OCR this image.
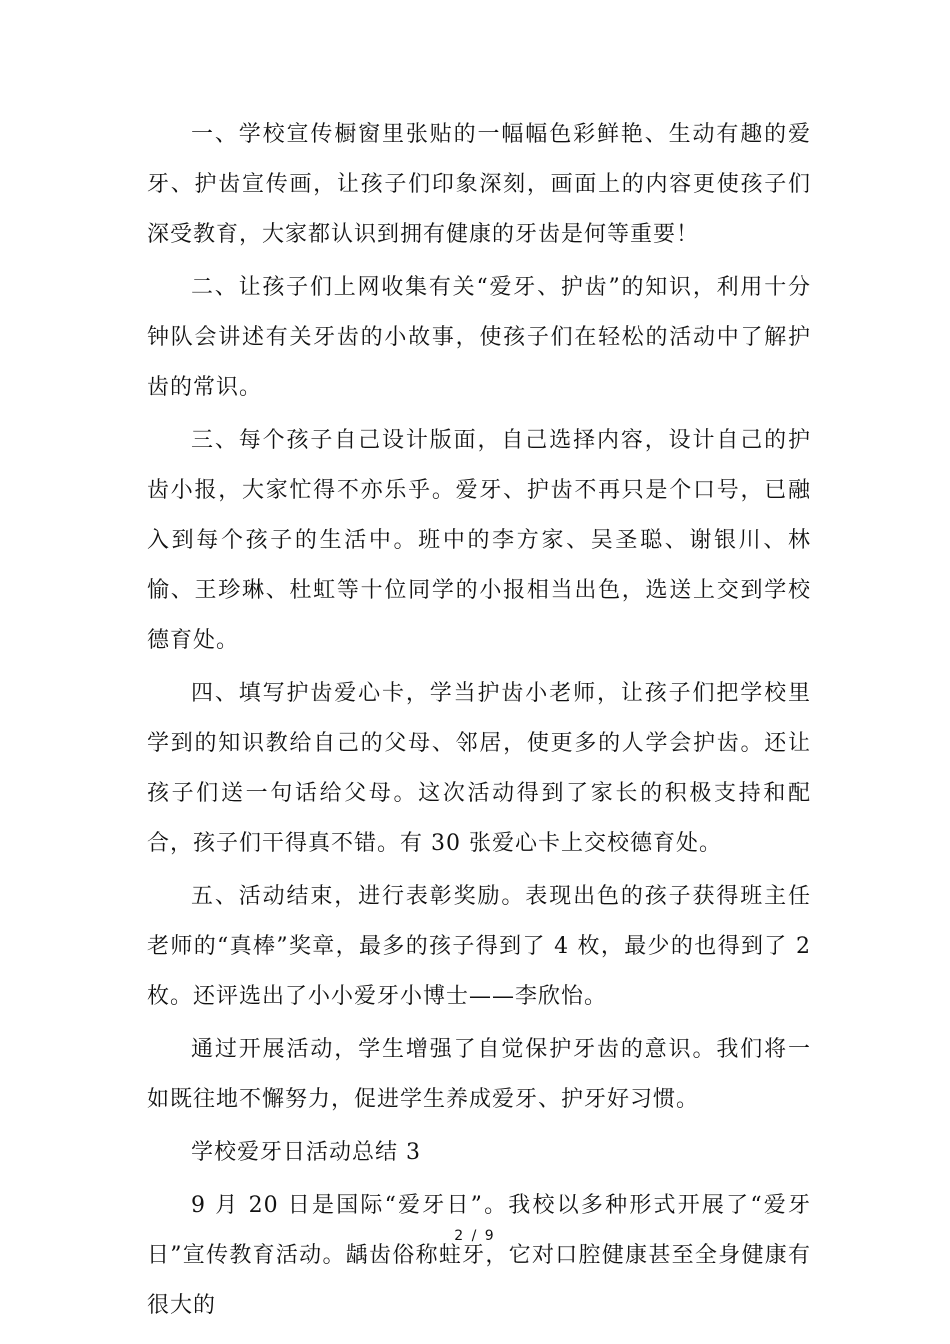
一、学校宣传橱窗里张贴的一幅幅色彩鲜艳、生动有趣的爱牙、护齿宣传画，让孩子们印象深刻，画面上的内容更使孩子们深受教育，大家都认识到拥有健康的牙齿是何等重要！

二、让孩子们上网收集有关“爱牙、护齿”的知识，利用十分钟队会讲述有关牙齿的小故事，使孩子们在轻松的活动中了解护齿的常识。

三、每个孩子自己设计版面，自己选择内容，设计自己的护齿小报，大家忙得不亦乐乎。爱牙、护齿不再只是个口号，已融入到每个孩子的生活中。班中的李方家、吴圣聪、谢银川、林愉、王珍琳、杜虹等十位同学的小报相当出色，选送上交到学校德育处。

四、填写护齿爱心卡，学当护齿小老师，让孩子们把学校里学到的知识教给自己的父母、邻居，使更多的人学会护齿。还让孩子们送一句话给父母。这次活动得到了家长的积极支持和配合，孩子们干得真不错。有 30 张爱心卡上交校德育处。

五、活动结束，进行表彰奖励。表现出色的孩子获得班主任老师的“真棒”奖章，最多的孩子得到了 4 枚，最少的也得到了 2 枚。还评选出了小小爱牙小博士——李欣怡。

通过开展活动，学生增强了自觉保护牙齿的意识。我们将一如既往地不懈努力，促进学生养成爱牙、护牙好习惯。

学校爱牙日活动总结 3

9 月 20 日是国际“爱牙日”。我校以多种形式开展了“爱牙日”宣传教育活动。龋齿俗称蛀牙，它对口腔健康甚至全身健康有很大的

2 / 9
